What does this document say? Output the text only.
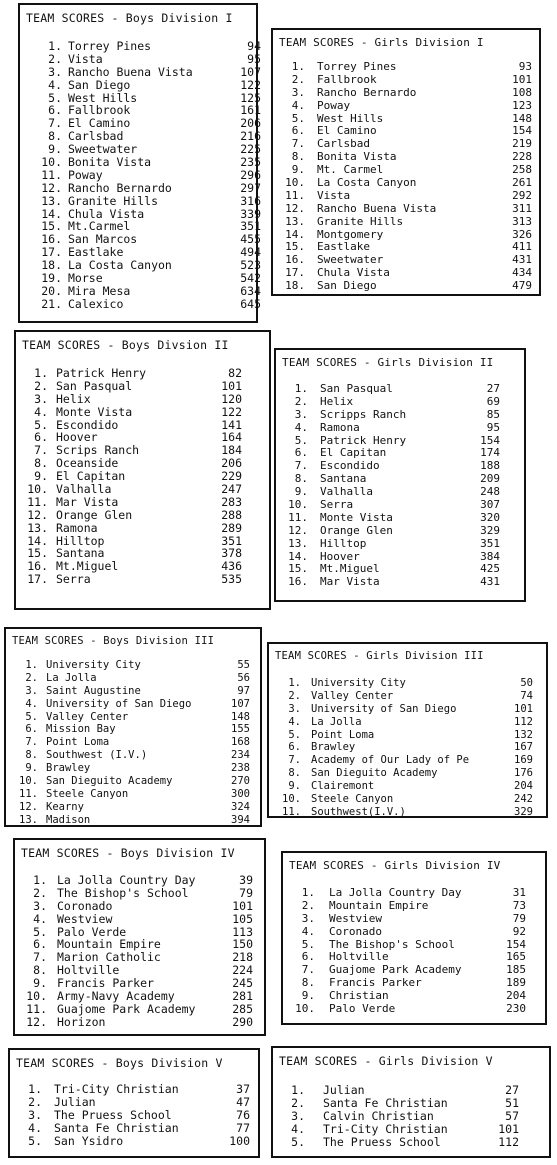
TEAM SCORES - Boys Division I
1. Torrey Pines	94
2. Vista	95
3. Rancho Buena Vista	107
4. San Diego	122
5. West Hills	125
6. Fallbrook	161
7. El Camino	206
8. Carlsbad	216
9. Sweetwater	225
10. Bonita Vista	235
11. Poway	296
12. Rancho Bernardo	297
13. Granite Hills	316
14. Chula Vista	339
15. Mt.Carmel	351
16. San Marcos	455
17. Eastlake	494
18. La Costa Canyon	523
19. Morse	542
20. Mira Mesa	634
21. Calexico	645
TEAM SCORES - Girls Division I
1. Torrey Pines	93
2. Fallbrook	101
3. Rancho Bernardo	108
4. Poway	123
5. West Hills	148
6. El Camino	154
7. Carlsbad	219
8. Bonita Vista	228
9. Mt. Carmel	258
10. La Costa Canyon	261
11. Vista	292
12. Rancho Buena Vista	311
13. Granite Hills	313
14. Montgomery	326
15. Eastlake	411
16. Sweetwater	431
17. Chula Vista	434
18. San Diego	479
TEAM SCORES - Boys Divsion II
1. Patrick Henry	82
2. San Pasqual	101
3. Helix	120
4. Monte Vista	122
5. Escondido	141
6. Hoover	164
7. Scrips Ranch	184
8. Oceanside	206
9. El Capitan	229
10. Valhalla	247
11. Mar Vista	283
12. Orange Glen	288
13. Ramona	289
14. Hilltop	351
15. Santana	378
16. Mt.Miguel	436
17. Serra	535
TEAM SCORES - Girls Division II
1. San Pasqual	27
2. Helix	69
3. Scripps Ranch	85
4. Ramona	95
5. Patrick Henry	154
6. El Capitan	174
7. Escondido	188
8. Santana	209
9. Valhalla	248
10. Serra	307
11. Monte Vista	320
12. Orange Glen	329
13. Hilltop	351
14. Hoover	384
15. Mt.Miguel	425
16. Mar Vista	431
TEAM SCORES - Boys Division III
1. University City	55
2. La Jolla	56
3. Saint Augustine	97
4. University of San Diego	107
5. Valley Center	148
6. Mission Bay	155
7. Point Loma	168
8. Southwest (I.V.)	234
9. Brawley	238
10. San Dieguito Academy	270
11. Steele Canyon	300
12. Kearny	324
13. Madison	394
TEAM SCORES - Girls Division III
1. University City	50
2. Valley Center	74
3. University of San Diego	101
4. La Jolla	112
5. Point Loma	132
6. Brawley	167
7. Academy of Our Lady of Pe	169
8. San Dieguito Academy	176
9. Clairemont	204
10. Steele Canyon	242
11. Southwest(I.V.)	329
TEAM SCORES - Boys Division IV
1. La Jolla Country Day	39
2. The Bishop's School	79
3. Coronado	101
4. Westview	105
5. Palo Verde	113
6. Mountain Empire	150
7. Marion Catholic	218
8. Holtville	224
9. Francis Parker	245
10. Army-Navy Academy	281
11. Guajome Park Academy	285
12. Horizon	290
TEAM SCORES - Girls Division IV
1. La Jolla Country Day	31
2. Mountain Empire	73
3. Westview	79
4. Coronado	92
5. The Bishop's School	154
6. Holtville	165
7. Guajome Park Academy	185
8. Francis Parker	189
9. Christian	204
10. Palo Verde	230
TEAM SCORES - Boys Division V
1. Tri-City Christian	37
2. Julian	47
3. The Pruess School	76
4. Santa Fe Christian	77
5. San Ysidro	100
TEAM SCORES - Girls Division V
1. Julian	27
2. Santa Fe Christian	51
3. Calvin Christian	57
4. Tri-City Christian	101
5. The Pruess School	112
